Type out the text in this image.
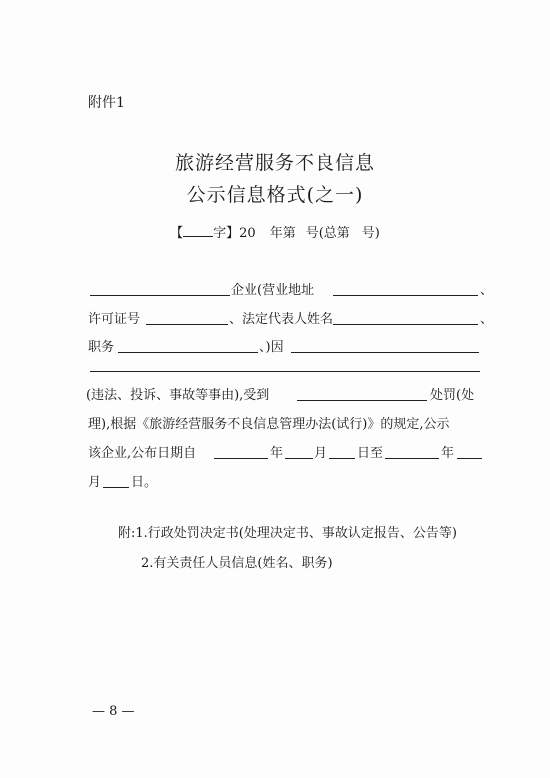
附件1
旅游经营服务不良信息
公示信息格式(之一)
【 字】20 年第 号(总第 号)
企业(营业地址	、
许可证号	、法定代表人姓名	、
职务	、)因
(违法、投诉、事故等事由),受到	处罚(处
理),根据《旅游经营服务不良信息管理办法(试行)》的规定,公示
该企业,公布日期自	年 月 日至	年
月 日。
附:1.行政处罚决定书(处理决定书、事故认定报告、公告等)
2.有关责任人员信息(姓名、职务)
— 8 —
